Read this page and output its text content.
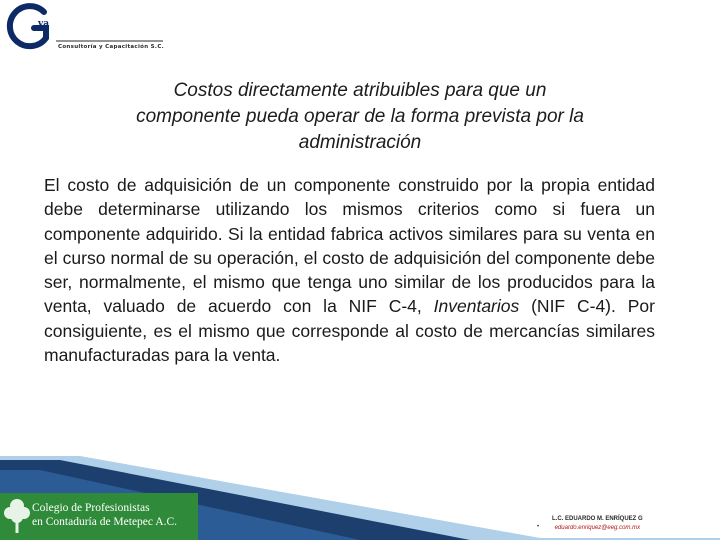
va
Consultoría y Capacitación S.C.
Costos directamente atribuibles para que un
componente pueda operar de la forma prevista por la
administración
El costo de adquisición de un componente construido por la propia entidad debe determinarse utilizando los mismos criterios como si fuera un componente adquirido. Si la entidad fabrica activos similares para su venta en el curso normal de su operación, el costo de adquisición del componente debe ser, normalmente, el mismo que tenga uno similar de los producidos para la venta, valuado de acuerdo con la NIF C-4, Inventarios (NIF C-4). Por consiguiente, es el mismo que corresponde al costo de mercancías similares manufacturadas para la venta.
Colegio de Profesionistas
en Contaduría de Metepec A.C.	•
L.C. EDUARDO M. ENRÍQUEZ G
eduardo.enriquez@eeg.com.mx
